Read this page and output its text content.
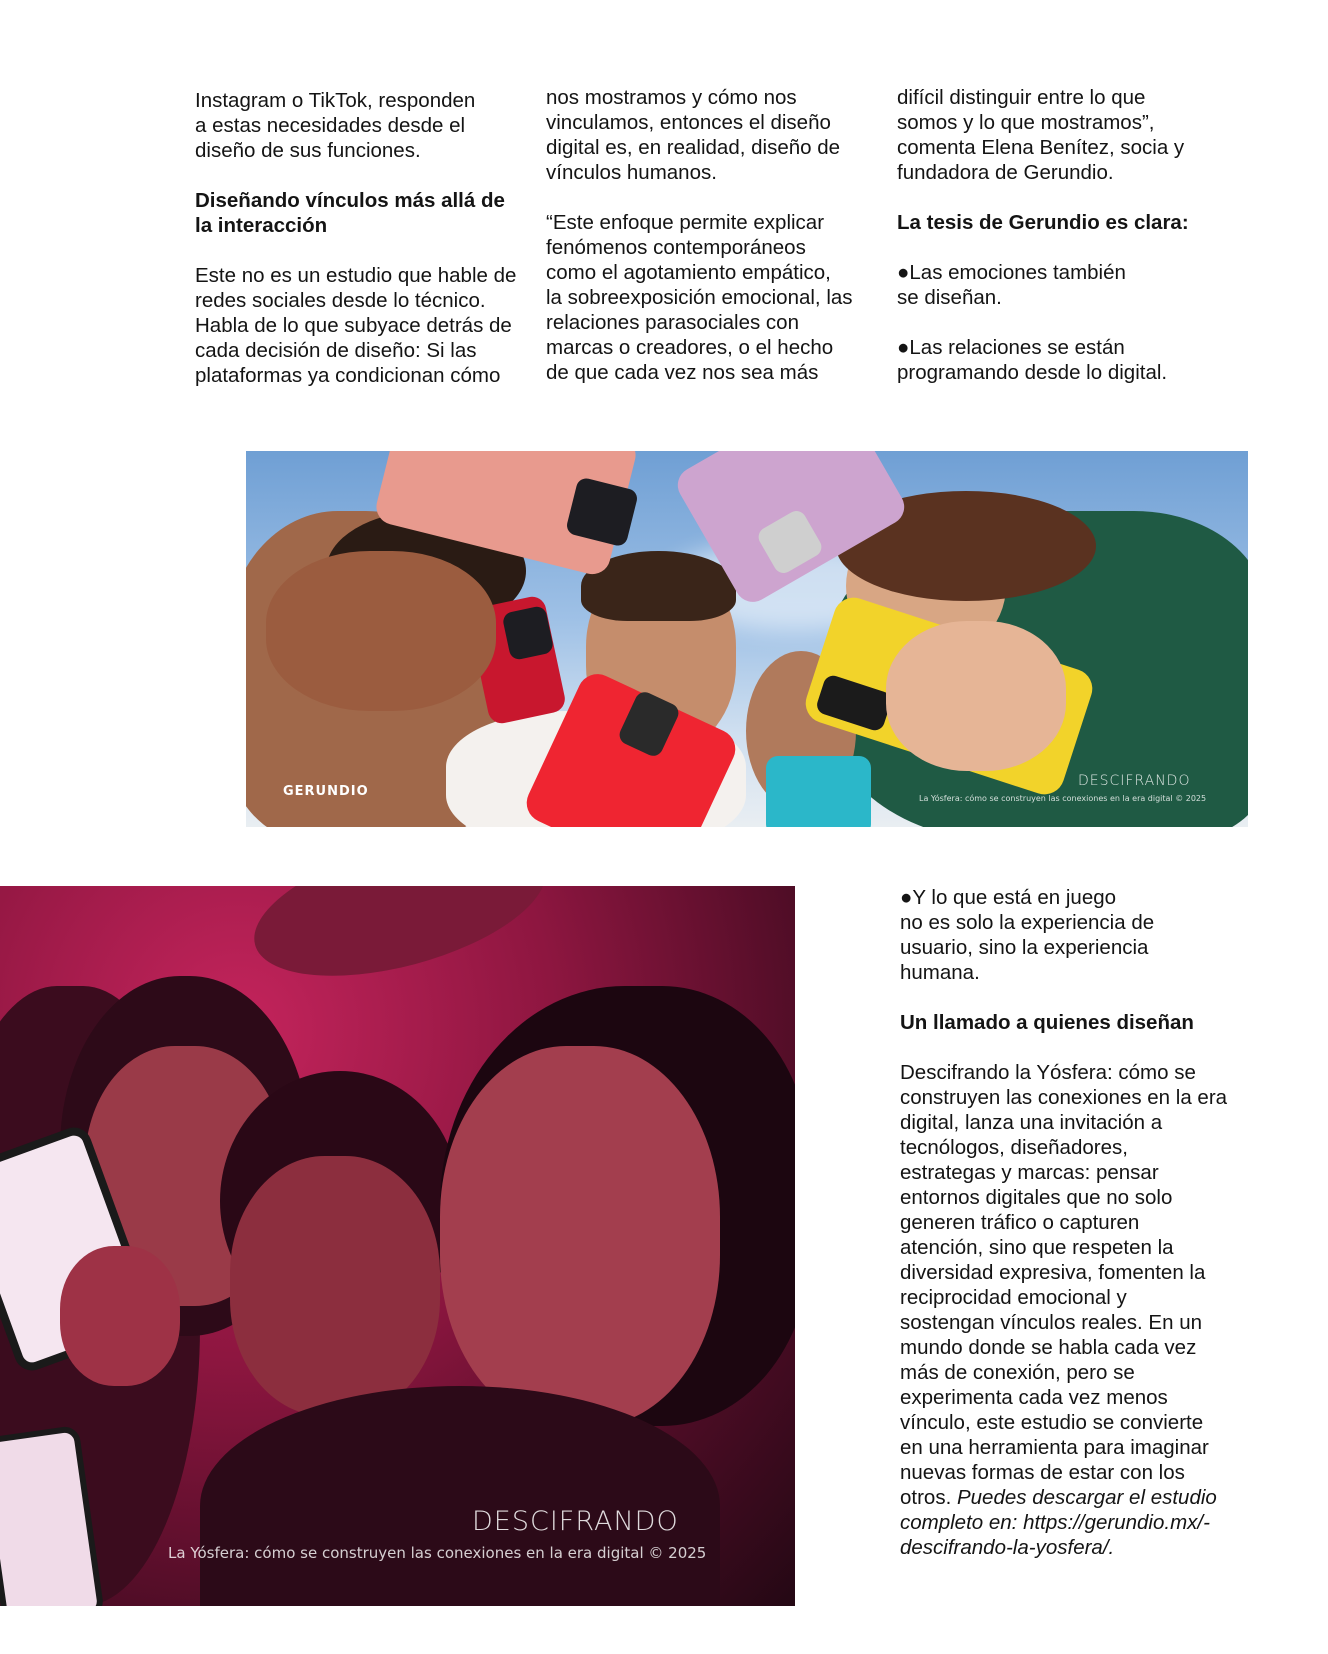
Instagram o TikTok, responden
a estas necesidades desde el
diseño de sus funciones.

Diseñando vínculos más allá de
la interacción

Este no es un estudio que hable de
redes sociales desde lo técnico.
Habla de lo que subyace detrás de
cada decisión de diseño: Si las
plataformas ya condicionan cómo

nos mostramos y cómo nos
vinculamos, entonces el diseño
digital es, en realidad, diseño de
vínculos humanos.

“Este enfoque permite explicar
fenómenos contemporáneos
como el agotamiento empático,
la sobreexposición emocional, las
relaciones parasociales con
marcas o creadores, o el hecho
de que cada vez nos sea más

difícil distinguir entre lo que
somos y lo que mostramos”,
comenta Elena Benítez, socia y
fundadora de Gerundio.

La tesis de Gerundio es clara:

●Las emociones también
se diseñan.

●Las relaciones se están
programando desde lo digital.

GERUNDIO
DESCIFRANDO
La Yósfera: cómo se construyen las conexiones en la era digital © 2025
DESCIFRANDO
La Yósfera: cómo se construyen las conexiones en la era digital © 2025

●Y lo que está en juego
no es solo la experiencia de
usuario, sino la experiencia
humana.

Un llamado a quienes diseñan

Descifrando la Yósfera: cómo se
construyen las conexiones en la era
digital, lanza una invitación a
tecnólogos, diseñadores,
estrategas y marcas: pensar
entornos digitales que no solo
generen tráfico o capturen
atención, sino que respeten la
diversidad expresiva, fomenten la
reciprocidad emocional y
sostengan vínculos reales. En un
mundo donde se habla cada vez
más de conexión, pero se
experimenta cada vez menos
vínculo, este estudio se convierte
en una herramienta para imaginar
nuevas formas de estar con los
otros. Puedes descargar el estudio
completo en: https://gerundio.mx/-
descifrando-la-yosfera/.
